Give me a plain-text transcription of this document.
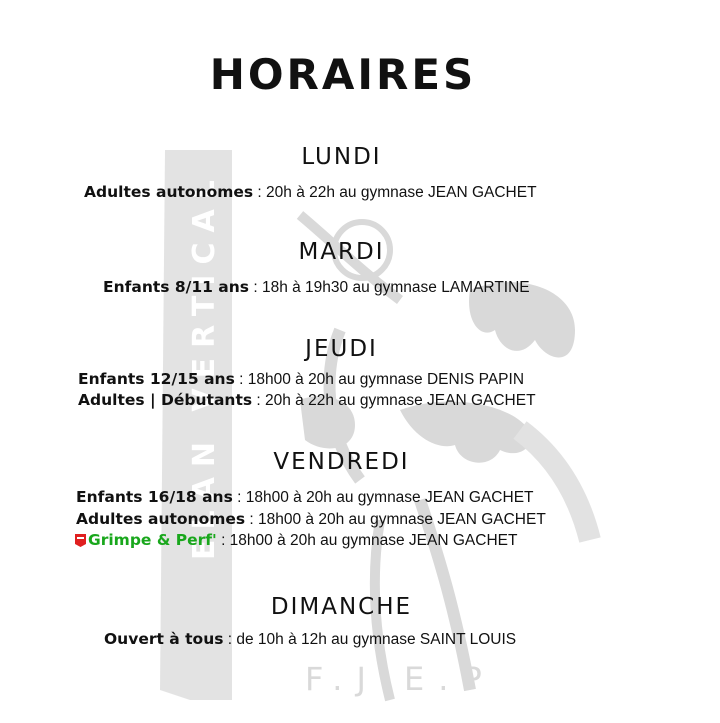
ELAN VERTICAL
F.J.E.P
HORAIRES
LUNDI
Adultes autonomes : 20h à 22h au gymnase JEAN GACHET
MARDI
Enfants 8/11 ans : 18h à 19h30 au gymnase LAMARTINE
JEUDI
Enfants 12/15 ans : 18h00 à 20h au gymnase DENIS PAPIN
Adultes | Débutants : 20h à 22h au gymnase JEAN GACHET
VENDREDI
Enfants 16/18 ans : 18h00 à 20h au gymnase JEAN GACHET
Adultes autonomes : 18h00 à 20h au gymnase JEAN GACHET
Grimpe & Perf' : 18h00 à 20h au gymnase JEAN GACHET
DIMANCHE
Ouvert à tous : de 10h à 12h au gymnase SAINT LOUIS
